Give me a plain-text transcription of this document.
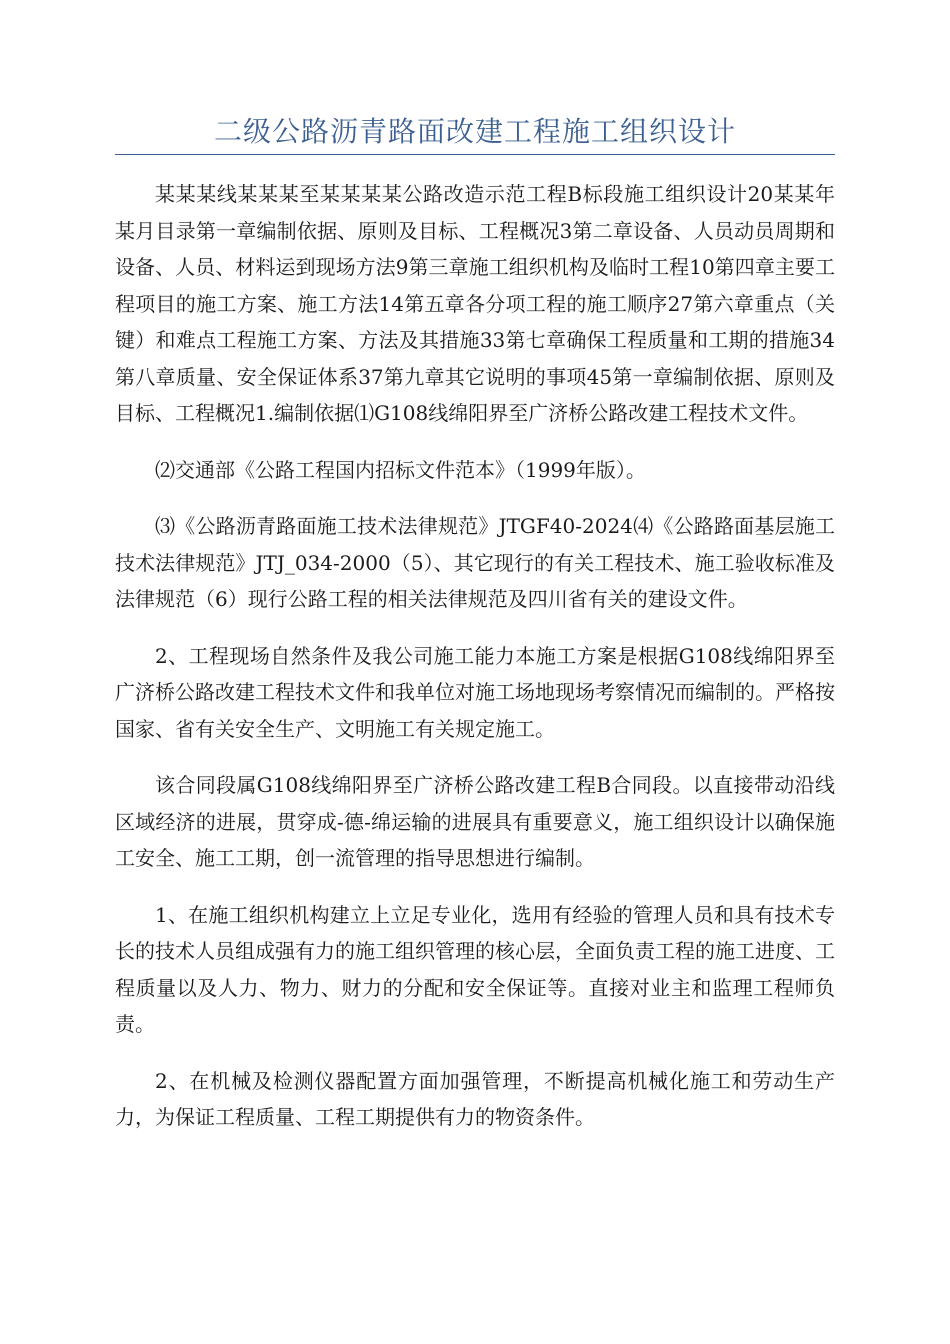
二级公路沥青路面改建工程施工组织设计

某某某线某某某至某某某某公路改造示范工程B标段施工组织设计20某某年某月目录第一章编制依据、原则及目标、工程概况3第二章设备、人员动员周期和设备、人员、材料运到现场方法9第三章施工组织机构及临时工程10第四章主要工程项目的施工方案、施工方法14第五章各分项工程的施工顺序27第六章重点（关键）和难点工程施工方案、方法及其措施33第七章确保工程质量和工期的措施34第八章质量、安全保证体系37第九章其它说明的事项45第一章编制依据、原则及目标、工程概况1.编制依据⑴G108线绵阳界至广济桥公路改建工程技术文件。

⑵交通部《公路工程国内招标文件范本》（1999年版）。

⑶《公路沥青路面施工技术法律规范》JTGF40-2024⑷《公路路面基层施工技术法律规范》JTJ_034-2000（5）、其它现行的有关工程技术、施工验收标准及法律规范（6）现行公路工程的相关法律规范及四川省有关的建设文件。

2、工程现场自然条件及我公司施工能力本施工方案是根据G108线绵阳界至广济桥公路改建工程技术文件和我单位对施工场地现场考察情况而编制的。严格按国家、省有关安全生产、文明施工有关规定施工。

该合同段属G108线绵阳界至广济桥公路改建工程B合同段。以直接带动沿线区域经济的进展，贯穿成-德-绵运输的进展具有重要意义，施工组织设计以确保施工安全、施工工期，创一流管理的指导思想进行编制。

1、在施工组织机构建立上立足专业化，选用有经验的管理人员和具有技术专长的技术人员组成强有力的施工组织管理的核心层，全面负责工程的施工进度、工程质量以及人力、物力、财力的分配和安全保证等。直接对业主和监理工程师负责。

2、在机械及检测仪器配置方面加强管理，不断提高机械化施工和劳动生产力，为保证工程质量、工程工期提供有力的物资条件。
